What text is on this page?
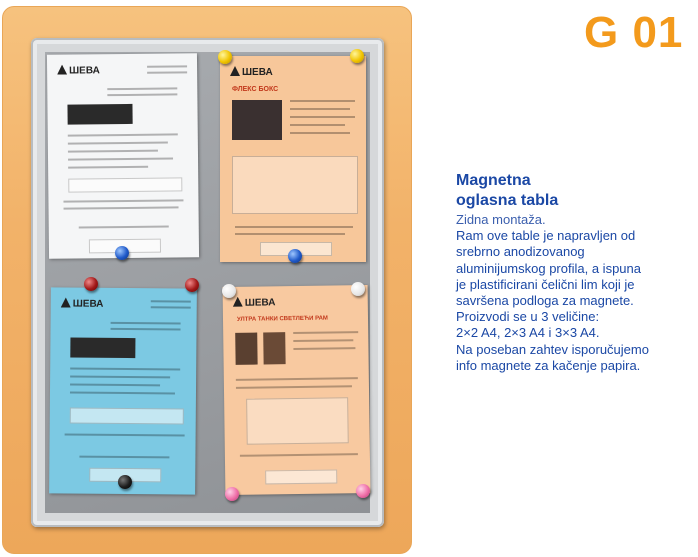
ШЕВА	ШЕВА
ФЛЕКС БОКС
ШЕВА	ШЕВА
УЛТРА ТАНКИ СВЕТЛЕЋИ РАМ
G 01
Magnetna
oglasna tabla
Zidna montaža.
Ram ove table je napravljen od
srebrno anodizovanog
aluminijumskog profila, a ispuna
je plastificirani čelični lim koji je
savršena podloga za magnete.
Proizvodi se u 3 veličine:
2×2 A4, 2×3 A4 i 3×3 A4.
Na poseban zahtev isporučujemo
info magnete za kačenje papira.
